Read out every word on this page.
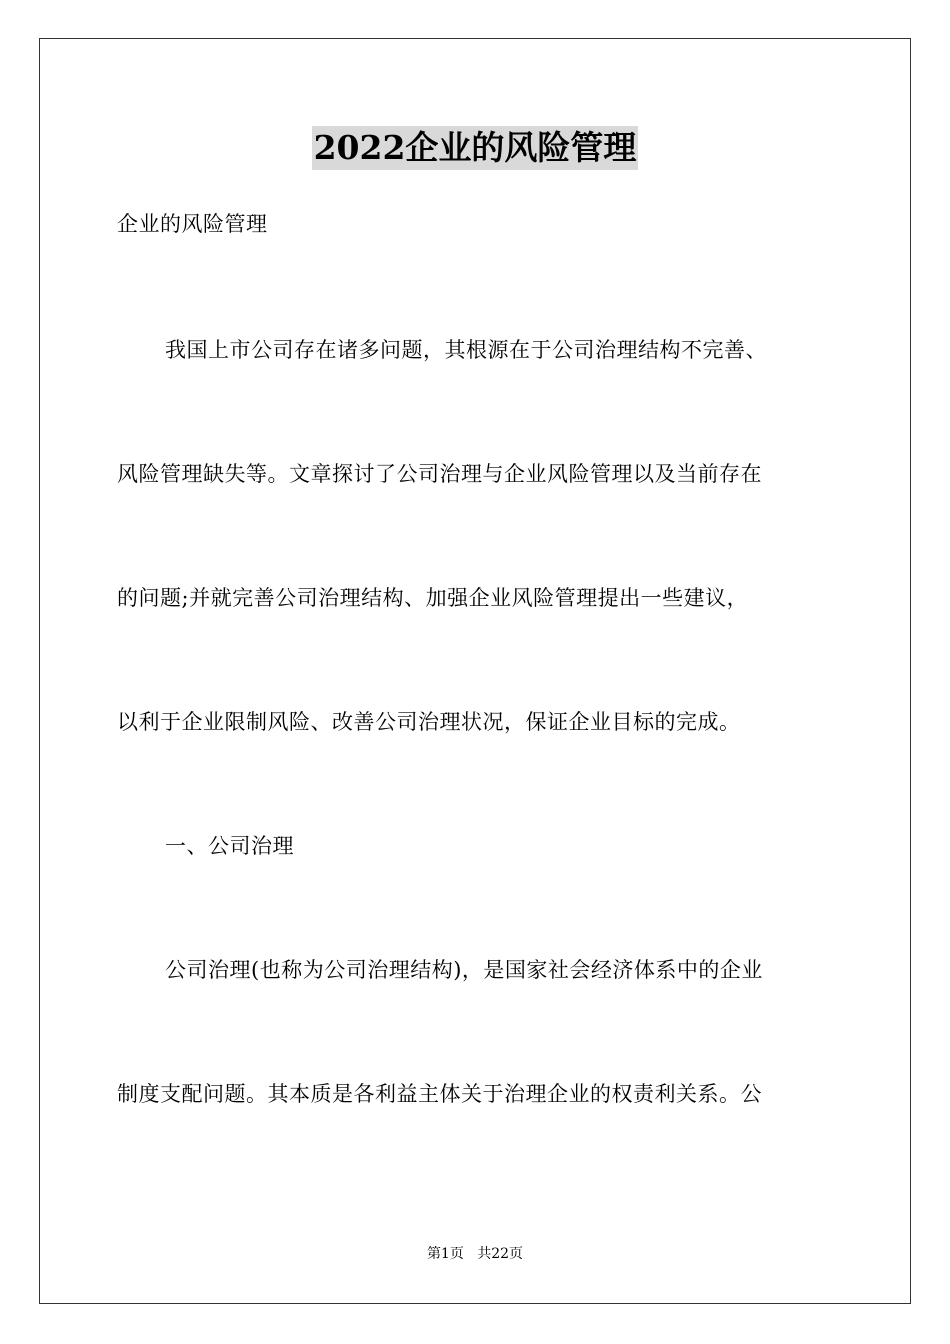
2022企业的风险管理
企业的风险管理
我国上市公司存在诸多问题，其根源在于公司治理结构不完善、
风险管理缺失等。文章探讨了公司治理与企业风险管理以及当前存在
的问题;并就完善公司治理结构、加强企业风险管理提出一些建议，
以利于企业限制风险、改善公司治理状况，保证企业目标的完成。
一、公司治理
公司治理(也称为公司治理结构)，是国家社会经济体系中的企业
制度支配问题。其本质是各利益主体关于治理企业的权责利关系。公
第1页 共22页
